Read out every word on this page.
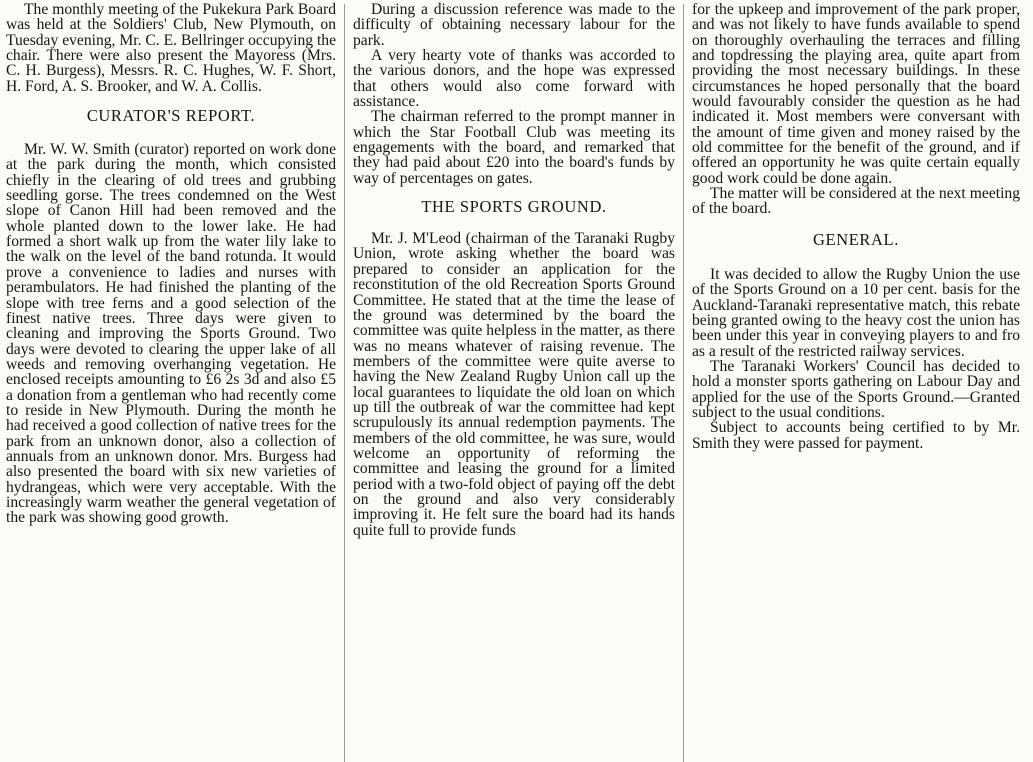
The monthly meeting of the Pukekura Park Board was held at the Soldiers' Club, New Plymouth, on Tuesday evening, Mr. C. E. Bellringer occupying the chair. There were also present the Mayoress (Mrs. C. H. Burgess), Messrs. R. C. Hughes, W. F. Short, H. Ford, A. S. Brooker, and W. A. Collis.

CURATOR'S REPORT.

Mr. W. W. Smith (curator) reported on work done at the park during the month, which consisted chiefly in the clearing of old trees and grubbing seedling gorse. The trees condemned on the West slope of Canon Hill had been removed and the whole planted down to the lower lake. He had formed a short walk up from the water lily lake to the walk on the level of the band rotunda. It would prove a convenience to ladies and nurses with perambulators. He had finished the planting of the slope with tree ferns and a good selection of the finest native trees. Three days were given to cleaning and improving the Sports Ground. Two days were devoted to clearing the upper lake of all weeds and removing overhanging vegetation. He enclosed receipts amounting to £6 2s 3d and also £5 a donation from a gentleman who had recently come to reside in New Plymouth. During the month he had received a good collection of native trees for the park from an unknown donor, also a collection of annuals from an unknown donor. Mrs. Burgess had also presented the board with six new varieties of hydrangeas, which were very acceptable. With the increasingly warm weather the general vegetation of the park was showing good growth.

During a discussion reference was made to the difficulty of obtaining necessary labour for the park.

A very hearty vote of thanks was accorded to the various donors, and the hope was expressed that others would also come forward with assistance.

The chairman referred to the prompt manner in which the Star Football Club was meeting its engagements with the board, and remarked that they had paid about £20 into the board's funds by way of percentages on gates.

THE SPORTS GROUND.

Mr. J. M'Leod (chairman of the Taranaki Rugby Union, wrote asking whether the board was prepared to consider an application for the reconstitution of the old Recreation Sports Ground Committee. He stated that at the time the lease of the ground was determined by the board the committee was quite helpless in the matter, as there was no means whatever of raising revenue. The members of the committee were quite averse to having the New Zealand Rugby Union call up the local guarantees to liquidate the old loan on which up till the outbreak of war the committee had kept scrupulously its annual redemption payments. The members of the old committee, he was sure, would welcome an opportunity of reforming the committee and leasing the ground for a limited period with a two-fold object of paying off the debt on the ground and also very considerably improving it. He felt sure the board had its hands quite full to provide funds

for the upkeep and improvement of the park proper, and was not likely to have funds available to spend on thoroughly overhauling the terraces and filling and topdressing the playing area, quite apart from providing the most necessary buildings. In these circumstances he hoped personally that the board would favourably consider the question as he had indicated it. Most members were conversant with the amount of time given and money raised by the old committee for the benefit of the ground, and if offered an opportunity he was quite certain equally good work could be done again.

The matter will be considered at the next meeting of the board.

GENERAL.

It was decided to allow the Rugby Union the use of the Sports Ground on a 10 per cent. basis for the Auckland-Taranaki representative match, this rebate being granted owing to the heavy cost the union has been under this year in conveying players to and fro as a result of the restricted railway services.

The Taranaki Workers' Council has decided to hold a monster sports gathering on Labour Day and applied for the use of the Sports Ground.—Granted subject to the usual conditions.

Subject to accounts being certified to by Mr. Smith they were passed for payment.
